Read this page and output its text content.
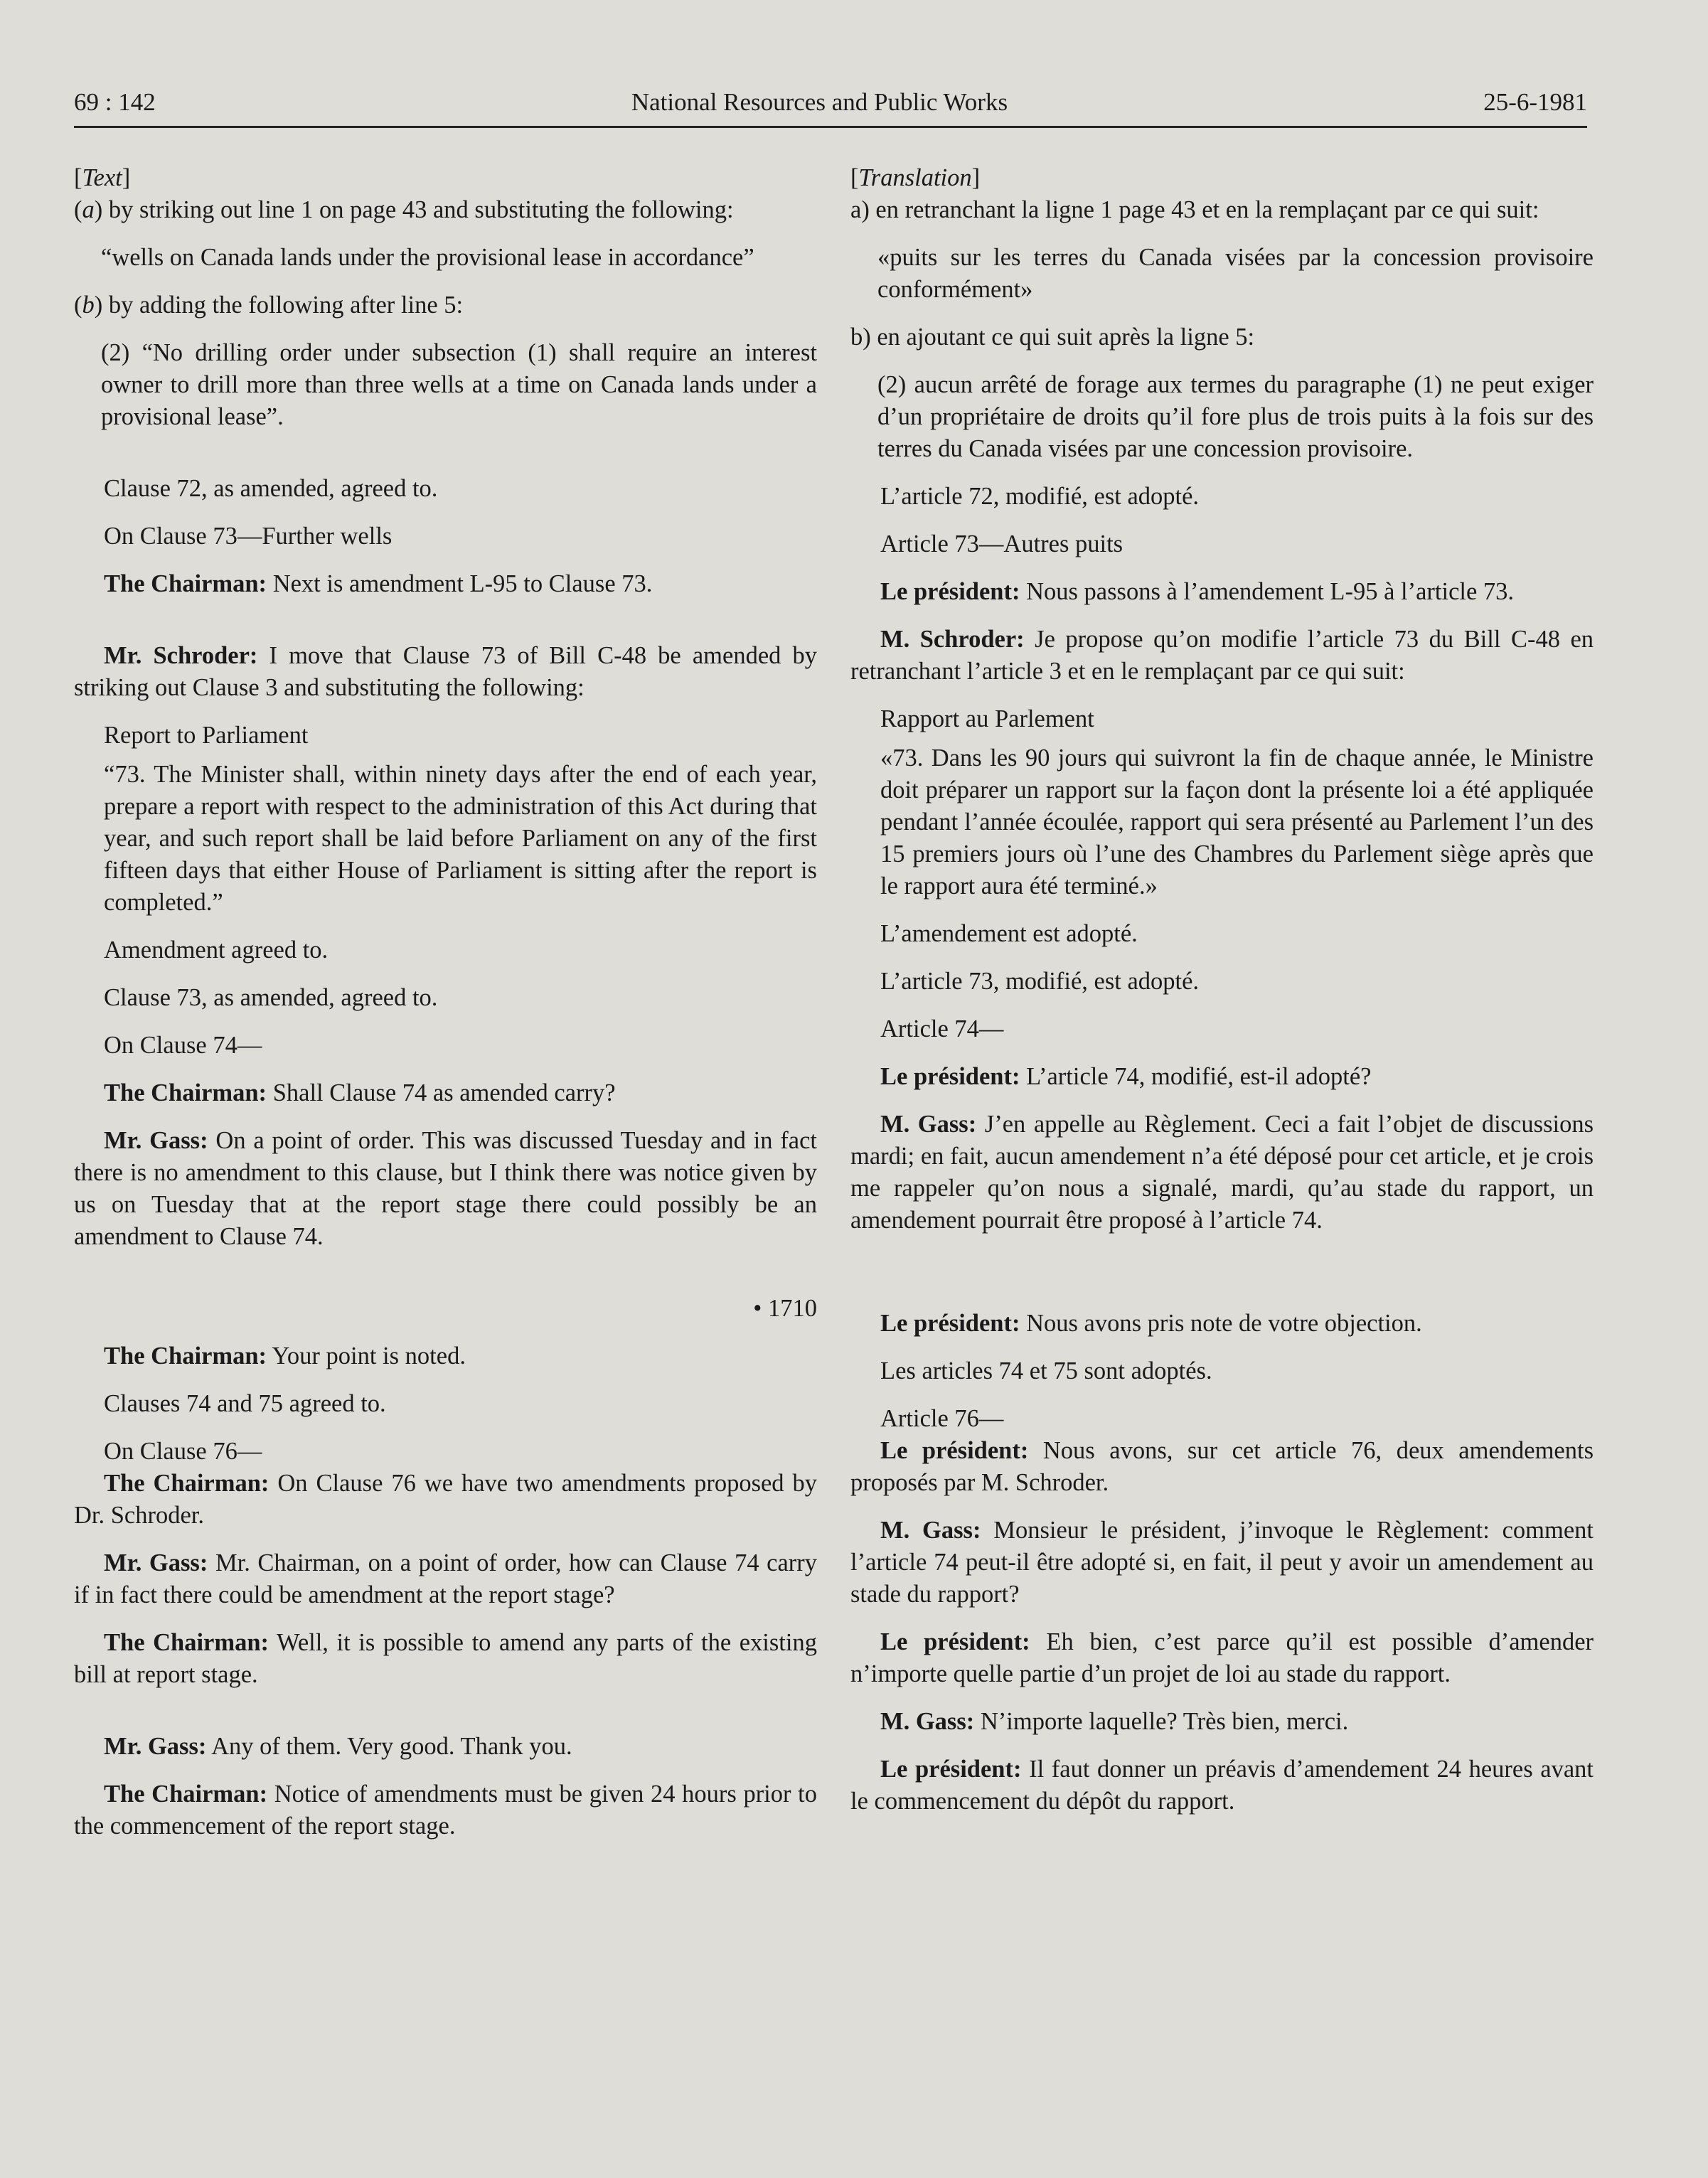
69 : 142	National Resources and Public Works	25-6-1981

[Text]

(a) by striking out line 1 on page 43 and substituting the following:

“wells on Canada lands under the provisional lease in accordance”

(b) by adding the following after line 5:

(2) “No drilling order under subsection (1) shall require an interest owner to drill more than three wells at a time on Canada lands under a provisional lease”.

Clause 72, as amended, agreed to.

On Clause 73—Further wells

The Chairman: Next is amendment L-95 to Clause 73.

Mr. Schroder: I move that Clause 73 of Bill C-48 be amended by striking out Clause 3 and substituting the following:

Report to Parliament

“73. The Minister shall, within ninety days after the end of each year, prepare a report with respect to the administration of this Act during that year, and such report shall be laid before Parliament on any of the first fifteen days that either House of Parliament is sitting after the report is completed.”

Amendment agreed to.

Clause 73, as amended, agreed to.

On Clause 74—

The Chairman: Shall Clause 74 as amended carry?

Mr. Gass: On a point of order. This was discussed Tuesday and in fact there is no amendment to this clause, but I think there was notice given by us on Tuesday that at the report stage there could possibly be an amendment to Clause 74.

• 1710

The Chairman: Your point is noted.

Clauses 74 and 75 agreed to.

On Clause 76—

The Chairman: On Clause 76 we have two amendments proposed by Dr. Schroder.

Mr. Gass: Mr. Chairman, on a point of order, how can Clause 74 carry if in fact there could be amendment at the report stage?

The Chairman: Well, it is possible to amend any parts of the existing bill at report stage.

Mr. Gass: Any of them. Very good. Thank you.

The Chairman: Notice of amendments must be given 24 hours prior to the commencement of the report stage.

[Translation]

a) en retranchant la ligne 1 page 43 et en la remplaçant par ce qui suit:

«puits sur les terres du Canada visées par la concession provisoire conformément»

b) en ajoutant ce qui suit après la ligne 5:

(2) aucun arrêté de forage aux termes du paragraphe (1) ne peut exiger d’un propriétaire de droits qu’il fore plus de trois puits à la fois sur des terres du Canada visées par une concession provisoire.

L’article 72, modifié, est adopté.

Article 73—Autres puits

Le président: Nous passons à l’amendement L-95 à l’article 73.

M. Schroder: Je propose qu’on modifie l’article 73 du Bill C-48 en retranchant l’article 3 et en le remplaçant par ce qui suit:

Rapport au Parlement

«73. Dans les 90 jours qui suivront la fin de chaque année, le Ministre doit préparer un rapport sur la façon dont la présente loi a été appliquée pendant l’année écoulée, rapport qui sera présenté au Parlement l’un des 15 premiers jours où l’une des Chambres du Parlement siège après que le rapport aura été terminé.»

L’amendement est adopté.

L’article 73, modifié, est adopté.

Article 74—

Le président: L’article 74, modifié, est-il adopté?

M. Gass: J’en appelle au Règlement. Ceci a fait l’objet de discussions mardi; en fait, aucun amendement n’a été déposé pour cet article, et je crois me rappeler qu’on nous a signalé, mardi, qu’au stade du rapport, un amendement pourrait être proposé à l’article 74.

Le président: Nous avons pris note de votre objection.

Les articles 74 et 75 sont adoptés.

Article 76—

Le président: Nous avons, sur cet article 76, deux amendements proposés par M. Schroder.

M. Gass: Monsieur le président, j’invoque le Règlement: comment l’article 74 peut-il être adopté si, en fait, il peut y avoir un amendement au stade du rapport?

Le président: Eh bien, c’est parce qu’il est possible d’amender n’importe quelle partie d’un projet de loi au stade du rapport.

M. Gass: N’importe laquelle? Très bien, merci.

Le président: Il faut donner un préavis d’amendement 24 heures avant le commencement du dépôt du rapport.
